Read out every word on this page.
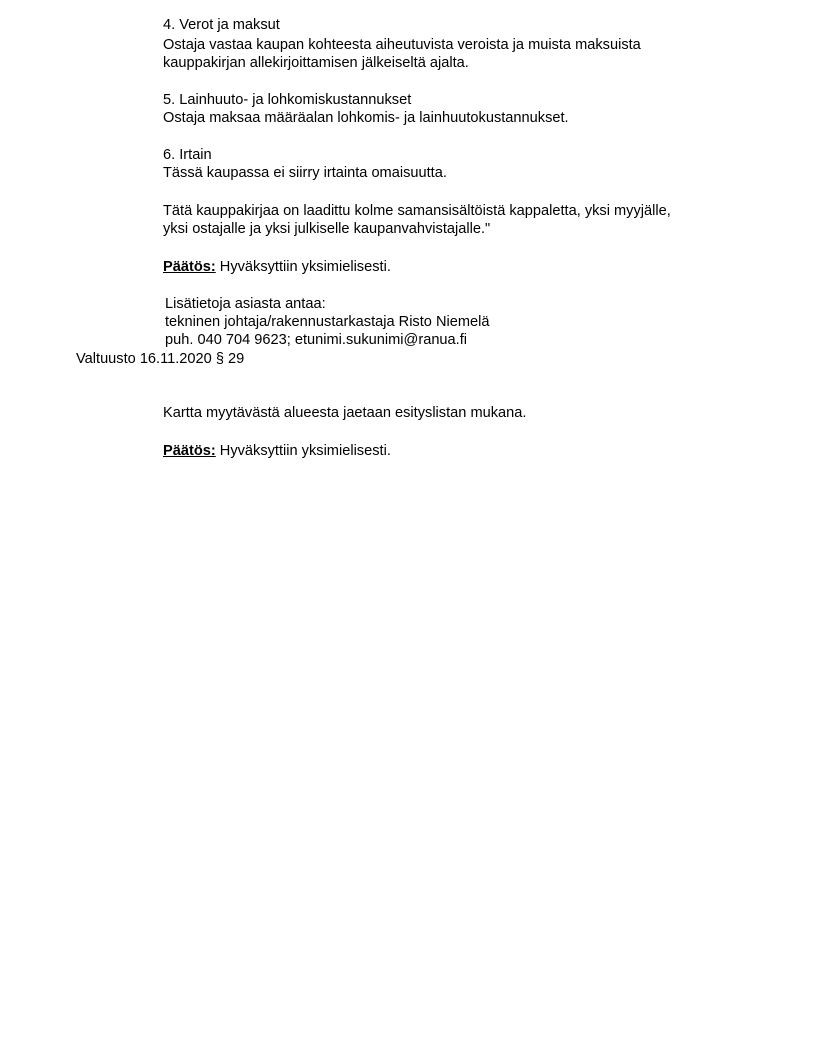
4. Verot ja maksut
Ostaja vastaa kaupan kohteesta aiheutuvista veroista ja muista maksuista
kauppakirjan allekirjoittamisen jälkeiseltä ajalta.
5. Lainhuuto- ja lohkomiskustannukset
Ostaja maksaa määräalan lohkomis- ja lainhuutokustannukset.
6. Irtain
Tässä kaupassa ei siirry irtainta omaisuutta.
Tätä kauppakirjaa on laadittu kolme samansisältöistä kappaletta, yksi myyjälle,
yksi ostajalle ja yksi julkiselle kaupanvahvistajalle."
Päätös: Hyväksyttiin yksimielisesti.
Lisätietoja asiasta antaa:
tekninen johtaja/rakennustarkastaja Risto Niemelä
puh. 040 704 9623; etunimi.sukunimi@ranua.fi
Valtuusto 16.11.2020 § 29
Kartta myytävästä alueesta jaetaan esityslistan mukana.
Päätös: Hyväksyttiin yksimielisesti.
